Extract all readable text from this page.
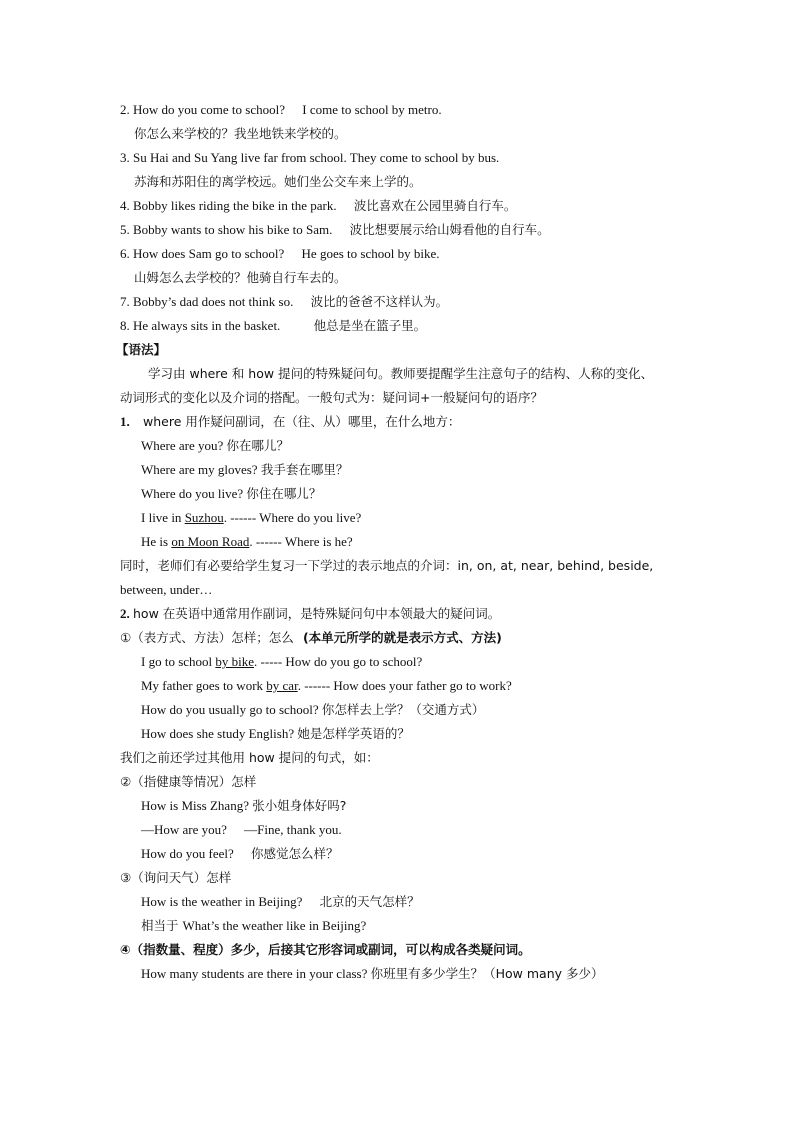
2. How do you come to school? I come to school by metro.
你怎么来学校的？我坐地铁来学校的。
3. Su Hai and Su Yang live far from school. They come to school by bus.
苏海和苏阳住的离学校远。她们坐公交车来上学的。
4. Bobby likes riding the bike in the park. 波比喜欢在公园里骑自行车。
5. Bobby wants to show his bike to Sam. 波比想要展示给山姆看他的自行车。
6. How does Sam go to school? He goes to school by bike.
山姆怎么去学校的？他骑自行车去的。
7. Bobby’s dad does not think so. 波比的爸爸不这样认为。
8. He always sits in the basket.	他总是坐在篮子里。
【语法】
学习由 where 和 how 提问的特殊疑问句。教师要提醒学生注意句子的结构、人称的变化、
动词形式的变化以及介词的搭配。一般句式为：疑问词+一般疑问句的语序？
1. where 用作疑问副词，在（往、从）哪里，在什么地方：
Where are you? 你在哪儿？
Where are my gloves? 我手套在哪里？
Where do you live? 你住在哪儿？
I live in Suzhou. ------ Where do you live?
He is on Moon Road. ------ Where is he?
同时，老师们有必要给学生复习一下学过的表示地点的介词：in, on, at, near, behind, beside,
between, under…
2. how 在英语中通常用作副词，是特殊疑问句中本领最大的疑问词。
①（表方式、方法）怎样；怎么 (本单元所学的就是表示方式、方法)
I go to school by bike. ----- How do you go to school?
My father goes to work by car. ------ How does your father go to work?
How do you usually go to school? 你怎样去上学？（交通方式）
How does she study English? 她是怎样学英语的？
我们之前还学过其他用 how 提问的句式，如：
②（指健康等情况）怎样
How is Miss Zhang? 张小姐身体好吗?
—How are you? —Fine, thank you.
How do you feel? 你感觉怎么样？
③（询问天气）怎样
How is the weather in Beijing? 北京的天气怎样？
相当于 What’s the weather like in Beijing?
④（指数量、程度）多少，后接其它形容词或副词，可以构成各类疑问词。
How many students are there in your class? 你班里有多少学生？（How many 多少）
